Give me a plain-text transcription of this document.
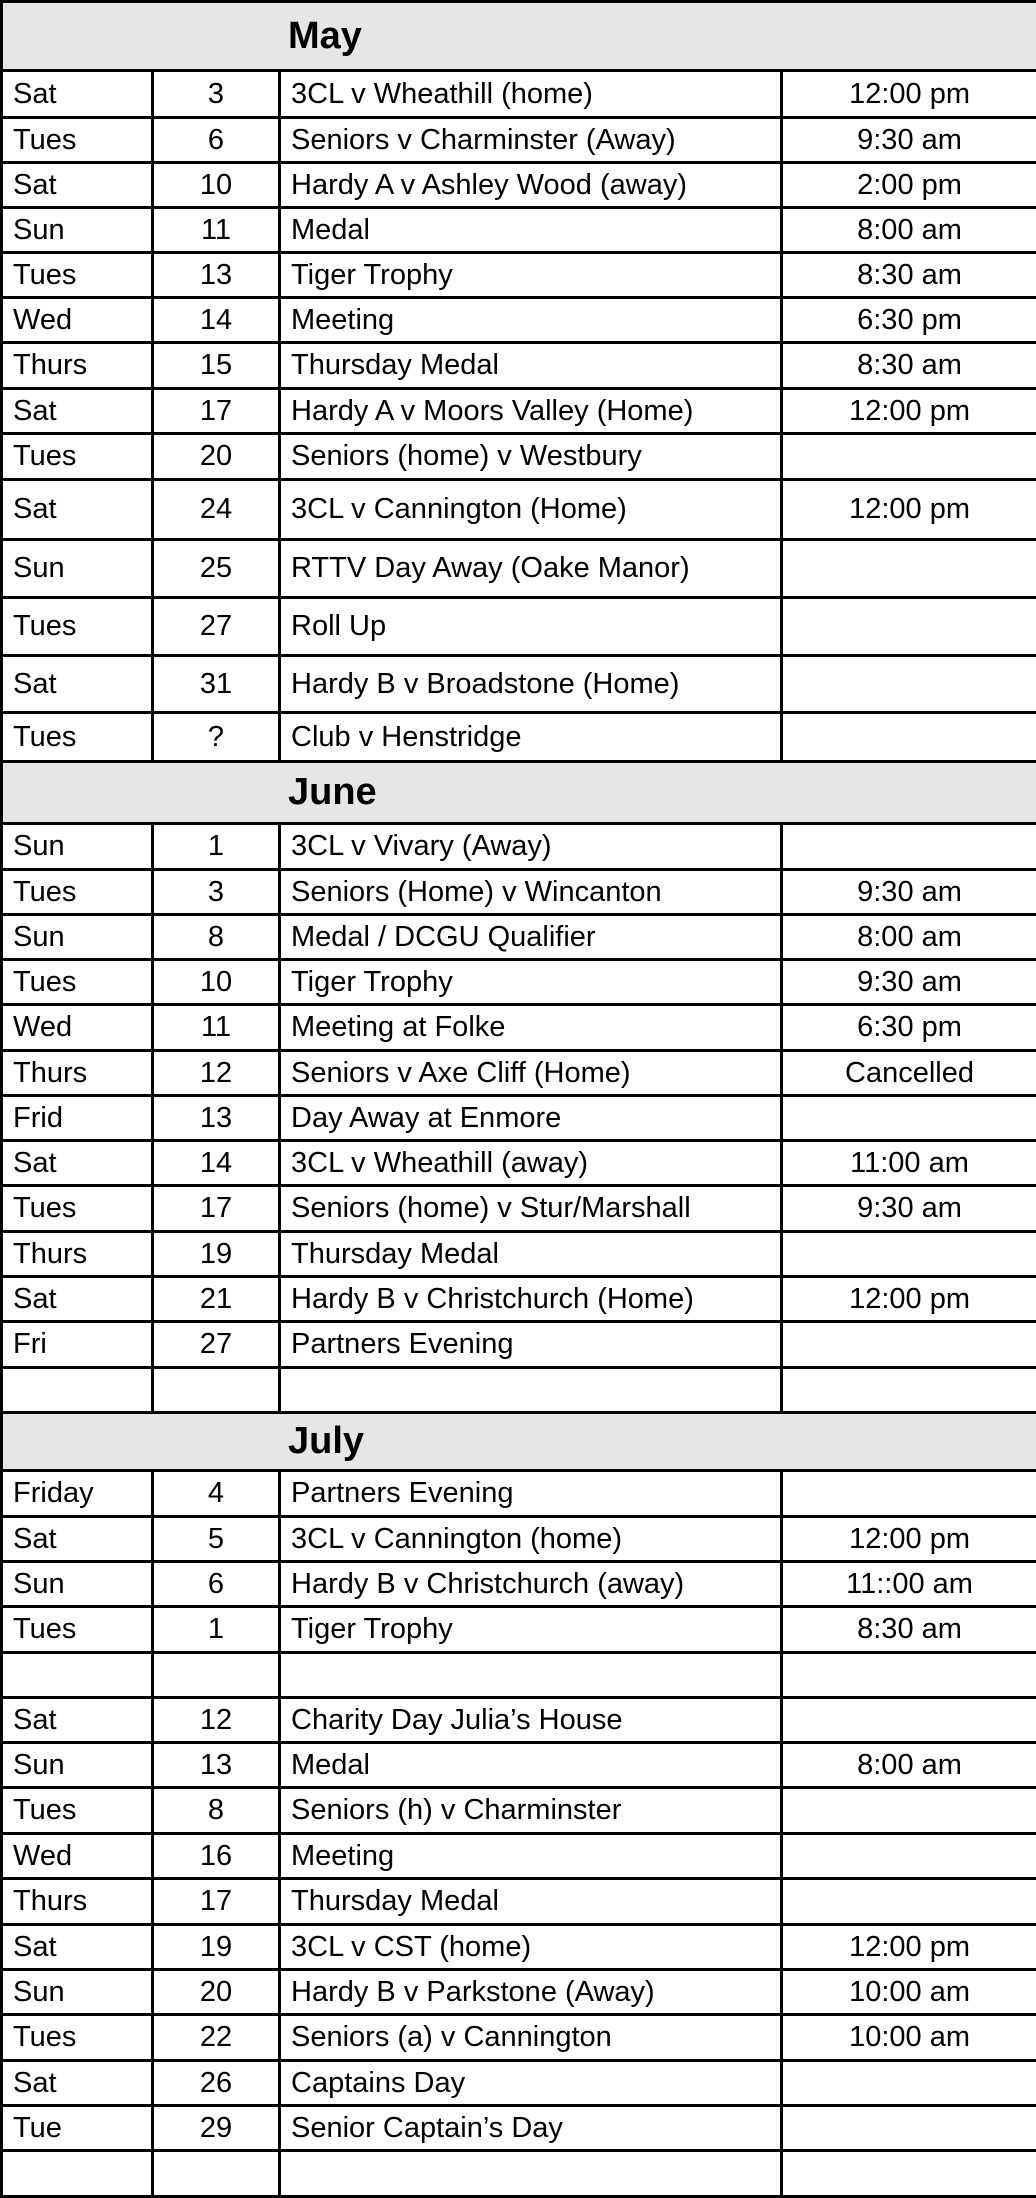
May			
Sat	3	3CL v Wheathill (home)	12:00 pm
Tues	6	Seniors v Charminster (Away)	9:30 am
Sat	10	Hardy A v Ashley Wood (away)	2:00 pm
Sun	11	Medal	8:00 am
Tues	13	Tiger Trophy	8:30 am
Wed	14	Meeting	6:30 pm
Thurs	15	Thursday Medal	8:30 am
Sat	17	Hardy A v Moors Valley (Home)	12:00 pm
Tues	20	Seniors (home) v Westbury	
Sat	24	3CL v Cannington (Home)	12:00 pm
Sun	25	RTTV Day Away (Oake Manor)	
Tues	27	Roll Up	
Sat	31	Hardy B v Broadstone (Home)	
Tues	?	Club v Henstridge	
June			
Sun	1	3CL v Vivary (Away)	
Tues	3	Seniors (Home) v Wincanton	9:30 am
Sun	8	Medal / DCGU Qualifier	8:00 am
Tues	10	Tiger Trophy	9:30 am
Wed	11	Meeting at Folke	6:30 pm
Thurs	12	Seniors v Axe Cliff (Home)	Cancelled
Frid	13	Day Away at Enmore	
Sat	14	3CL v Wheathill (away)	11:00 am
Tues	17	Seniors (home) v Stur/Marshall	9:30 am
Thurs	19	Thursday Medal	
Sat	21	Hardy B v Christchurch (Home)	12:00 pm
Fri	27	Partners Evening	

July			
Friday	4	Partners Evening	
Sat	5	3CL v Cannington (home)	12:00 pm
Sun	6	Hardy B v Christchurch (away)	11::00 am
Tues	1	Tiger Trophy	8:30 am

Sat	12	Charity Day Julia’s House	
Sun	13	Medal	8:00 am
Tues	8	Seniors (h) v Charminster	
Wed	16	Meeting	
Thurs	17	Thursday Medal	
Sat	19	3CL v CST (home)	12:00 pm
Sun	20	Hardy B v Parkstone (Away)	10:00 am
Tues	22	Seniors (a) v Cannington	10:00 am
Sat	26	Captains Day	
Tue	29	Senior Captain’s Day	
